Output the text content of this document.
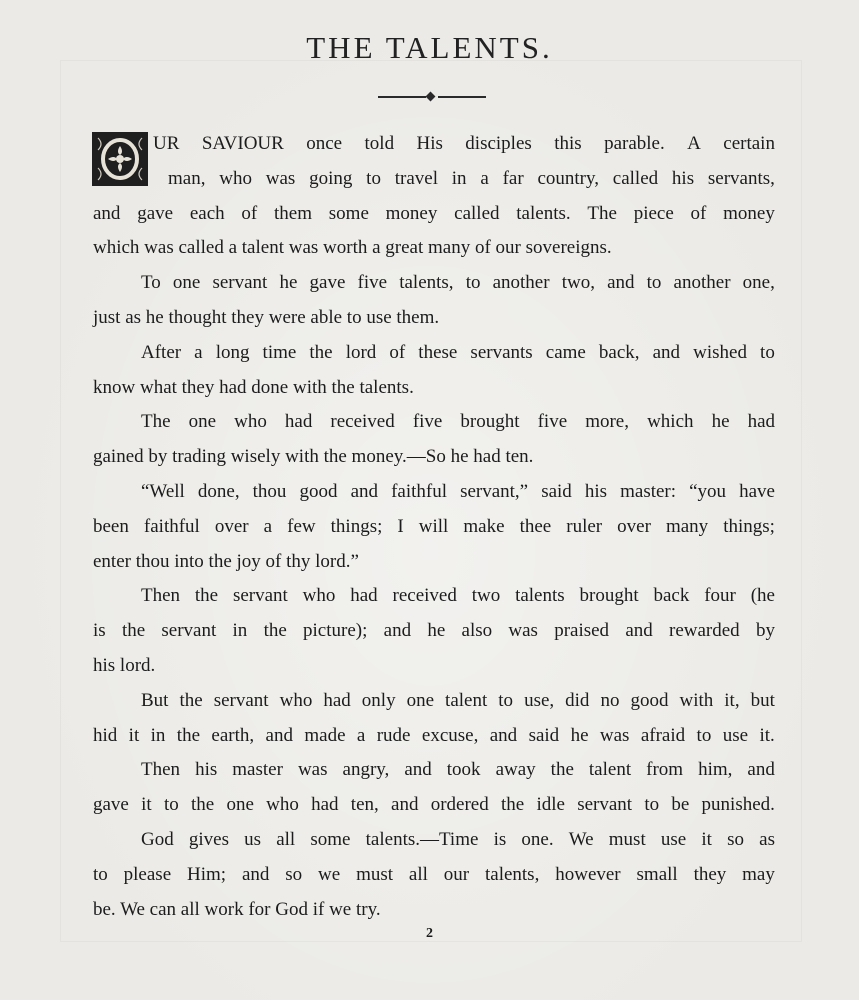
THE TALENTS.
UR SAVIOUR once told His disciples this parable. A certain
man, who was going to travel in a far country, called his servants,
and gave each of them some money called talents. The piece of money
which was called a talent was worth a great many of our sovereigns.
To one servant he gave five talents, to another two, and to another one,
just as he thought they were able to use them.
After a long time the lord of these servants came back, and wished to
know what they had done with the talents.
The one who had received five brought five more, which he had
gained by trading wisely with the money.—So he had ten.
“Well done, thou good and faithful servant,” said his master: “you have
been faithful over a few things; I will make thee ruler over many things;
enter thou into the joy of thy lord.”
Then the servant who had received two talents brought back four (he
is the servant in the picture); and he also was praised and rewarded by
his lord.
But the servant who had only one talent to use, did no good with it, but
hid it in the earth, and made a rude excuse, and said he was afraid to use it.
Then his master was angry, and took away the talent from him, and
gave it to the one who had ten, and ordered the idle servant to be punished.
God gives us all some talents.—Time is one. We must use it so as
to please Him; and so we must all our talents, however small they may
be. We can all work for God if we try.
2
